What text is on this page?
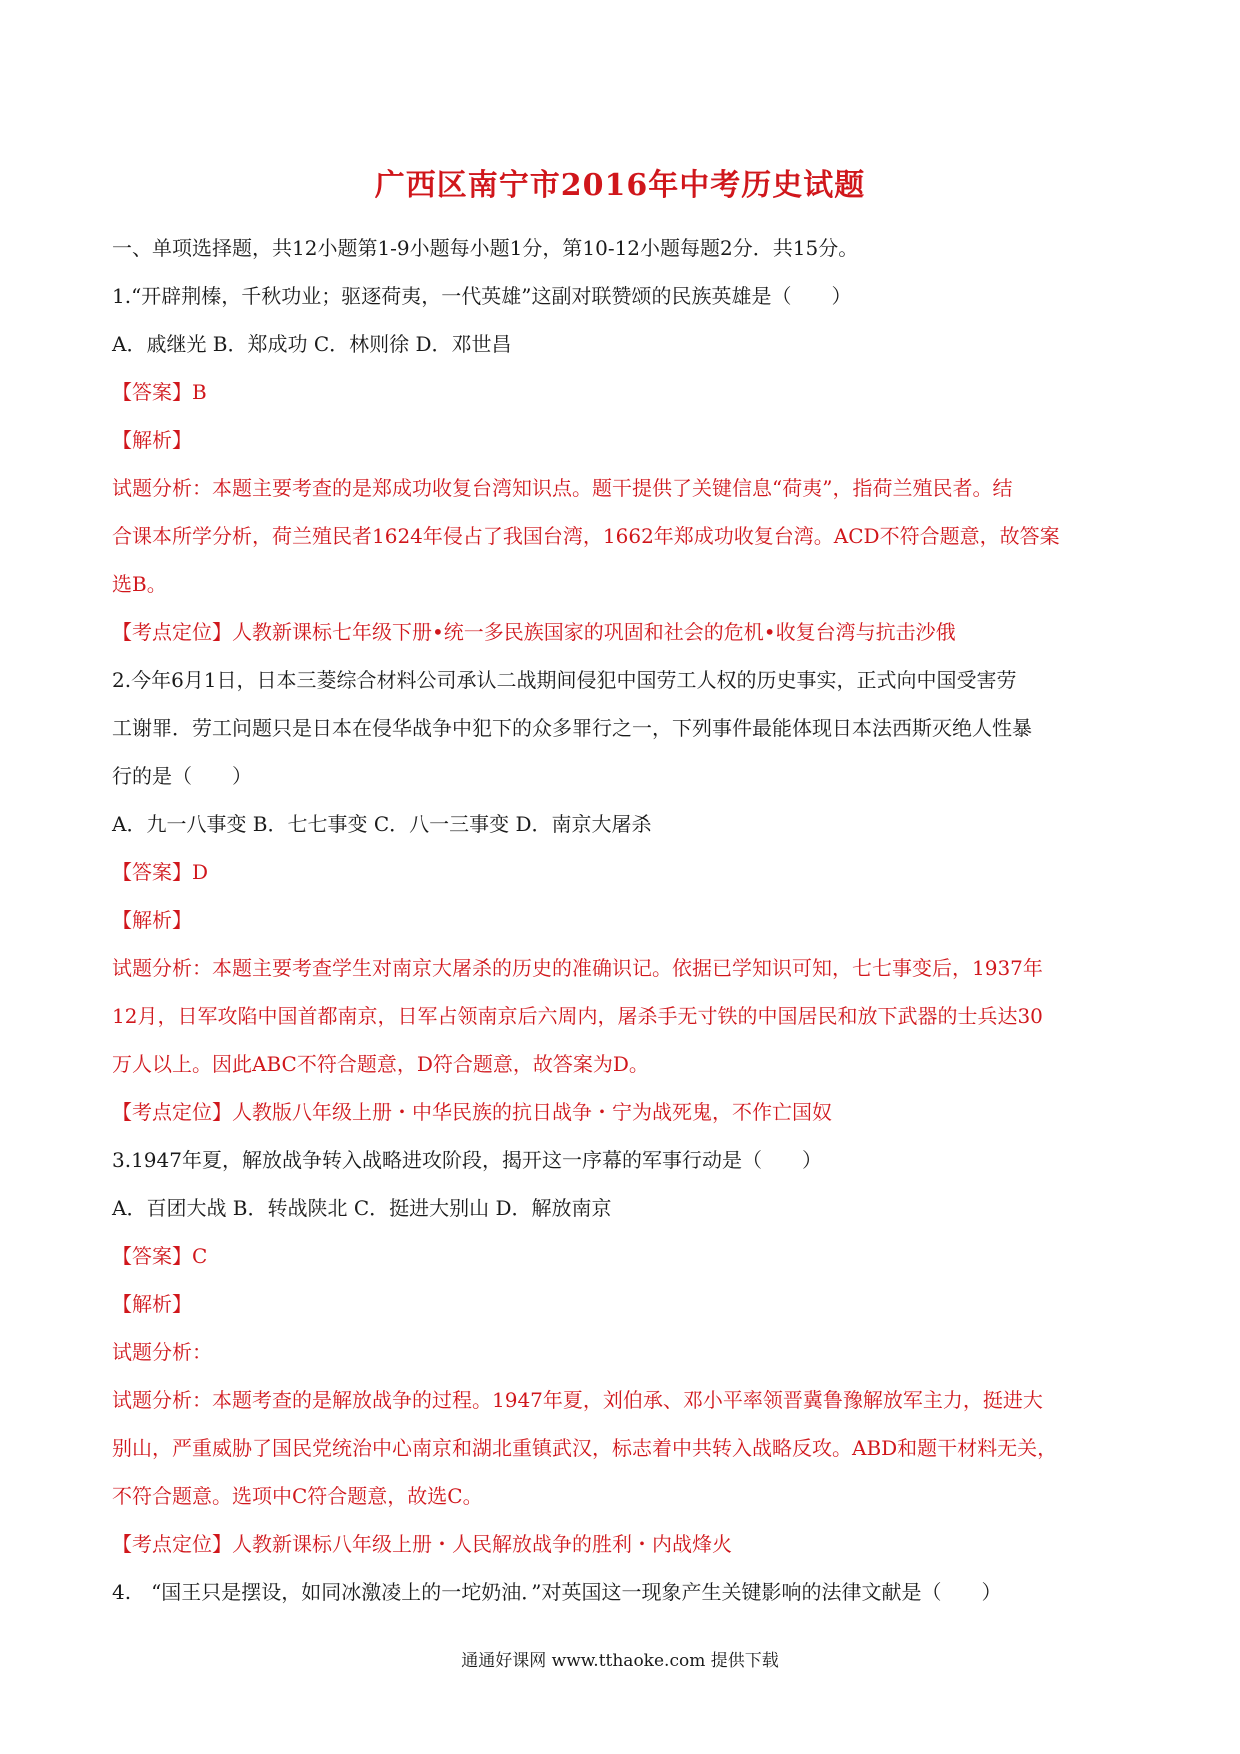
广西区南宁市2016年中考历史试题

一、单项选择题，共12小题第1-9小题每小题1分，第10-12小题每题2分．共15分。

1.“开辟荆榛，千秋功业；驱逐荷夷，一代英雄”这副对联赞颂的民族英雄是（　　）

A．戚继光 B．郑成功 C．林则徐 D．邓世昌

【答案】B

【解析】

试题分析：本题主要考查的是郑成功收复台湾知识点。题干提供了关键信息“荷夷”，指荷兰殖民者。结

合课本所学分析，荷兰殖民者1624年侵占了我国台湾，1662年郑成功收复台湾。ACD不符合题意，故答案

选B。

【考点定位】人教新课标七年级下册•统一多民族国家的巩固和社会的危机•收复台湾与抗击沙俄

2.今年6月1日，日本三菱综合材料公司承认二战期间侵犯中国劳工人权的历史事实，正式向中国受害劳

工谢罪．劳工问题只是日本在侵华战争中犯下的众多罪行之一，下列事件最能体现日本法西斯灭绝人性暴

行的是（　　）

A．九一八事变 B．七七事变 C．八一三事变 D．南京大屠杀

【答案】D

【解析】

试题分析：本题主要考查学生对南京大屠杀的历史的准确识记。依据已学知识可知，七七事变后，1937年

12月，日军攻陷中国首都南京，日军占领南京后六周内，屠杀手无寸铁的中国居民和放下武器的士兵达30

万人以上。因此ABC不符合题意，D符合题意，故答案为D。

【考点定位】人教版八年级上册・中华民族的抗日战争・宁为战死鬼，不作亡国奴

3.1947年夏，解放战争转入战略进攻阶段，揭开这一序幕的军事行动是（　　）

A．百团大战 B．转战陕北 C．挺进大别山 D．解放南京

【答案】C

【解析】

试题分析：

试题分析：本题考查的是解放战争的过程。1947年夏，刘伯承、邓小平率领晋冀鲁豫解放军主力，挺进大

别山，严重威胁了国民党统治中心南京和湖北重镇武汉，标志着中共转入战略反攻。ABD和题干材料无关，

不符合题意。选项中C符合题意，故选C。

【考点定位】人教新课标八年级上册・人民解放战争的胜利・内战烽火

4.　“国王只是摆设，如同冰激凌上的一坨奶油．”对英国这一现象产生关键影响的法律文献是（　　）

通通好课网 www.tthaoke.com 提供下载
